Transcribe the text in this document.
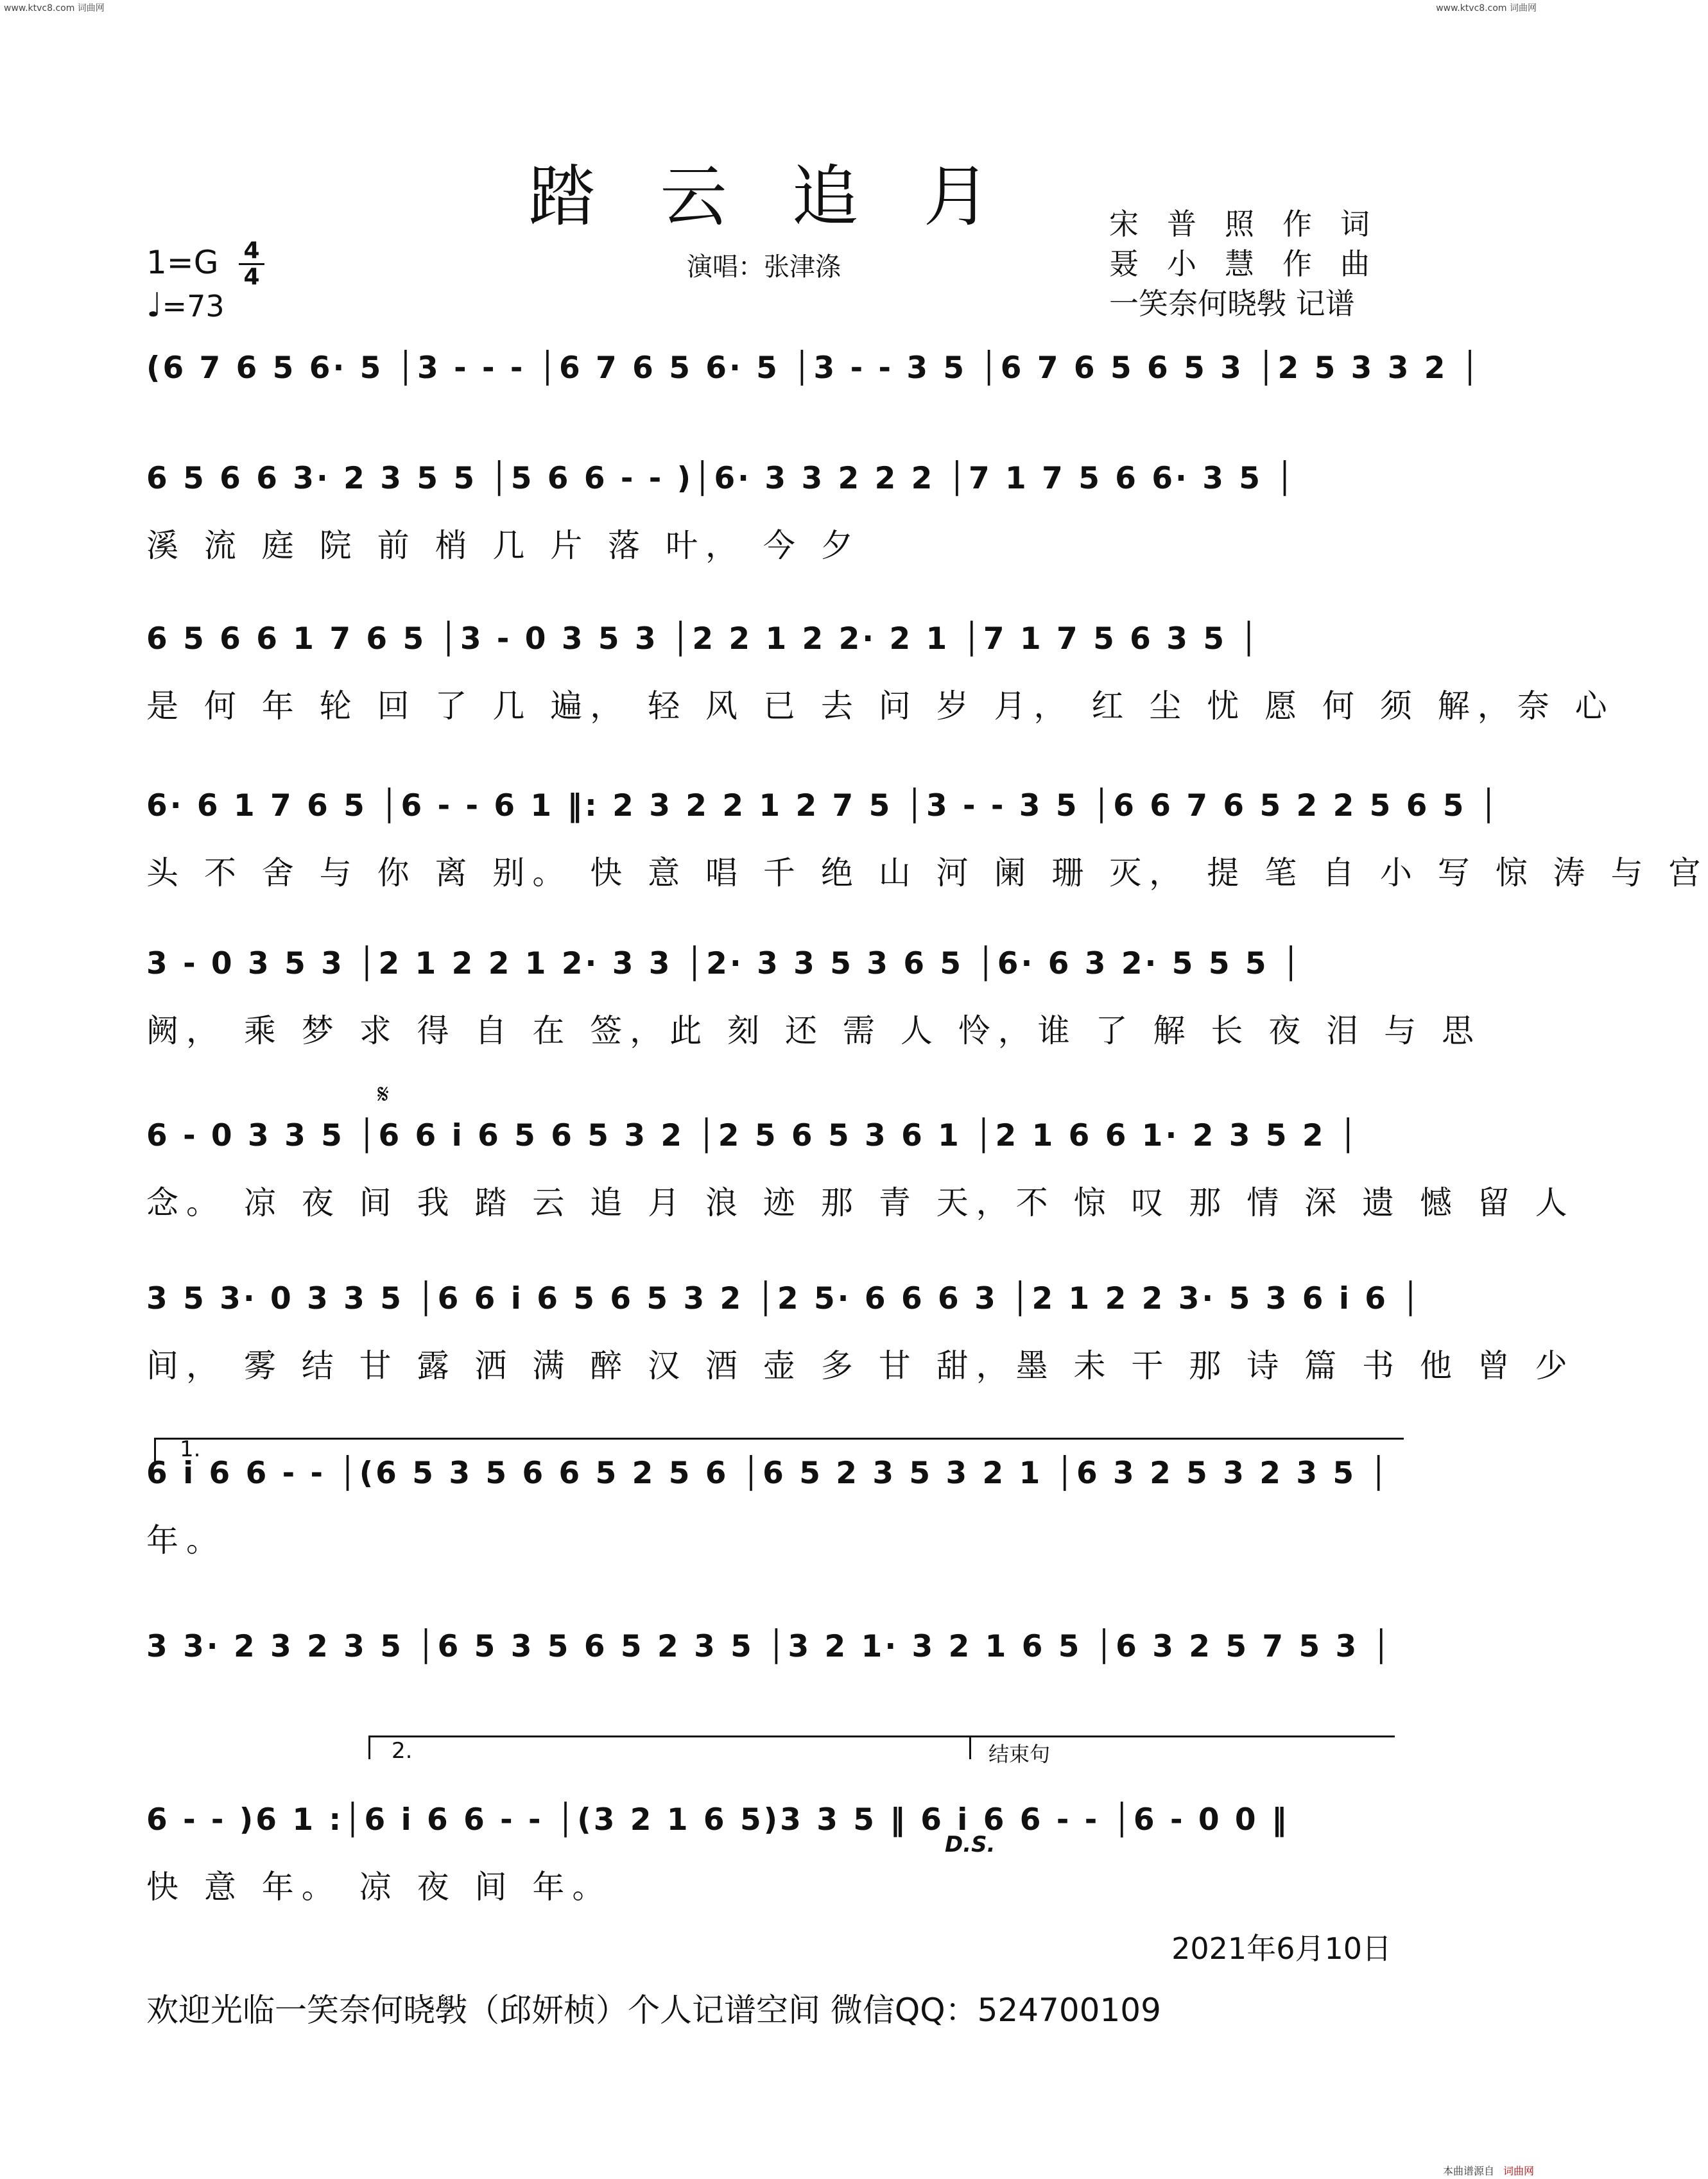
www.ktvc8.com 词曲网	www.ktvc8.com 词曲网
踏 云 追 月
1=G 4
4
♩=73
演唱：张津涤
宋普照作词
聂小慧作曲
一笑奈何晓斅 记谱
(6 7 6 5 6· 5 │3 - - - │6 7 6 5 6· 5 │3 - - 3 5 │6 7 6 5 6 5 3 │2 5 3 3 2 │
6 5 6 6 3· 2 3 5 5 │5 6 6 - - )│6· 3 3 2 2 2 │7 1 7 5 6 6· 3 5 │
溪 流 庭 院 前 梢 几 片 落 叶， 今 夕
6 5 6 6 1 7 6 5 │3 - 0 3 5 3 │2 2 1 2 2· 2 1 │7 1 7 5 6 3 5 │
是 何 年 轮 回 了 几 遍， 轻 风 已 去 问 岁 月， 红 尘 忧 愿 何 须 解，奈 心
6· 6 1 7 6 5 │6 - - 6 1 ‖: 2 3 2 2 1 2 7 5 │3 - - 3 5 │6 6 7 6 5 2 2 5 6 5 │
头 不 舍 与 你 离 别。 快 意 唱 千 绝 山 河 阑 珊 灭， 提 笔 自 小 写 惊 涛 与 宫
3 - 0 3 5 3 │2 1 2 2 1 2· 3 3 │2· 3 3 5 3 6 5 │6· 6 3 2· 5 5 5 │
阙， 乘 梦 求 得 自 在 签，此 刻 还 需 人 怜，谁 了 解 长 夜 泪 与 思
6 - 0 3 3 5 │6 6 i 6 5 6 5 3 2 │2 5 6 5 3 6 1 │2 1 6 6 1· 2 3 5 2 │
念。 凉 夜 间 我 踏 云 追 月 浪 迹 那 青 天，不 惊 叹 那 情 深 遗 憾 留 人
3 5 3· 0 3 3 5 │6 6 i 6 5 6 5 3 2 │2 5· 6 6 6 3 │2 1 2 2 3· 5 3 6 i 6 │
间， 雾 结 甘 露 洒 满 醉 汉 酒 壶 多 甘 甜，墨 未 干 那 诗 篇 书 他 曾 少
6 i 6 6 - - │(6 5 3 5 6 6 5 2 5 6 │6 5 2 3 5 3 2 1 │6 3 2 5 3 2 3 5 │
年。
3 3· 2 3 2 3 5 │6 5 3 5 6 5 2 3 5 │3 2 1· 3 2 1 6 5 │6 3 2 5 7 5 3 │
6 - - )6 1 :│6 i 6 6 - - │(3 2 1 6 5)3 3 5 ‖ 6 i 6 6 - - │6 - 0 0 ‖
快 意 年。 凉 夜 间 年。
𝄋
1.
2.	结束句
D.S.
2021年6月10日
欢迎光临一笑奈何晓斅（邱妍桢）个人记谱空间 微信QQ：524700109
本曲谱源自 词曲网
